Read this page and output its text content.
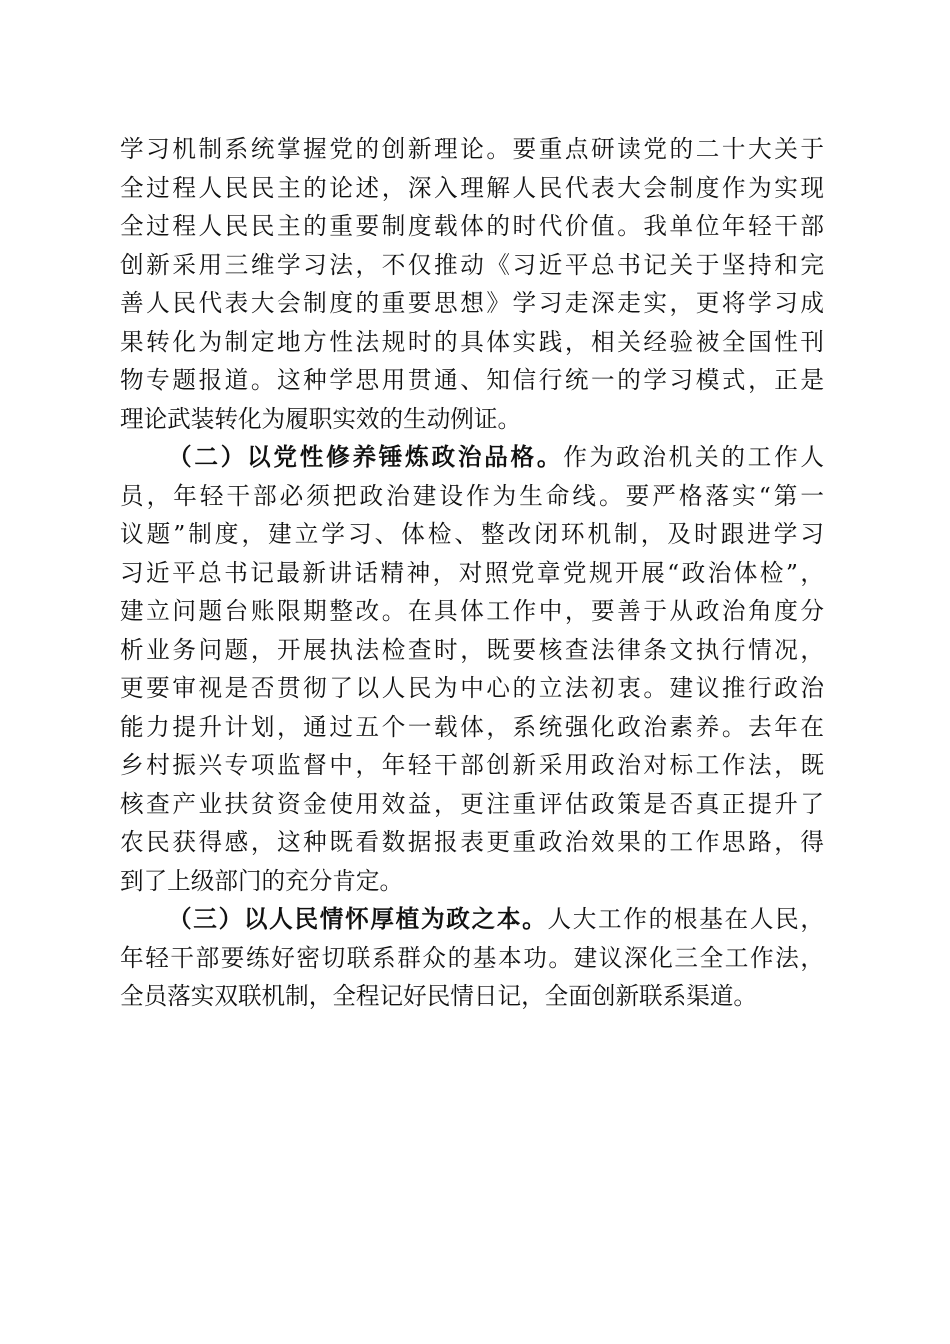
学习机制系统掌握党的创新理论。要重点研读党的二十大关于
全过程人民民主的论述，深入理解人民代表大会制度作为实现
全过程人民民主的重要制度载体的时代价值。我单位年轻干部
创新采用三维学习法，不仅推动《习近平总书记关于坚持和完
善人民代表大会制度的重要思想》学习走深走实，更将学习成
果转化为制定地方性法规时的具体实践，相关经验被全国性刊
物专题报道。这种学思用贯通、知信行统一的学习模式，正是
理论武装转化为履职实效的生动例证。
（二）以党性修养锤炼政治品格。作为政治机关的工作人
员，年轻干部必须把政治建设作为生命线。要严格落实“第一
议题”制度，建立学习、体检、整改闭环机制，及时跟进学习
习近平总书记最新讲话精神，对照党章党规开展“政治体检”，
建立问题台账限期整改。在具体工作中，要善于从政治角度分
析业务问题，开展执法检查时，既要核查法律条文执行情况，
更要审视是否贯彻了以人民为中心的立法初衷。建议推行政治
能力提升计划，通过五个一载体，系统强化政治素养。去年在
乡村振兴专项监督中，年轻干部创新采用政治对标工作法，既
核查产业扶贫资金使用效益，更注重评估政策是否真正提升了
农民获得感，这种既看数据报表更重政治效果的工作思路，得
到了上级部门的充分肯定。
（三）以人民情怀厚植为政之本。人大工作的根基在人民，
年轻干部要练好密切联系群众的基本功。建议深化三全工作法，
全员落实双联机制，全程记好民情日记，全面创新联系渠道。
